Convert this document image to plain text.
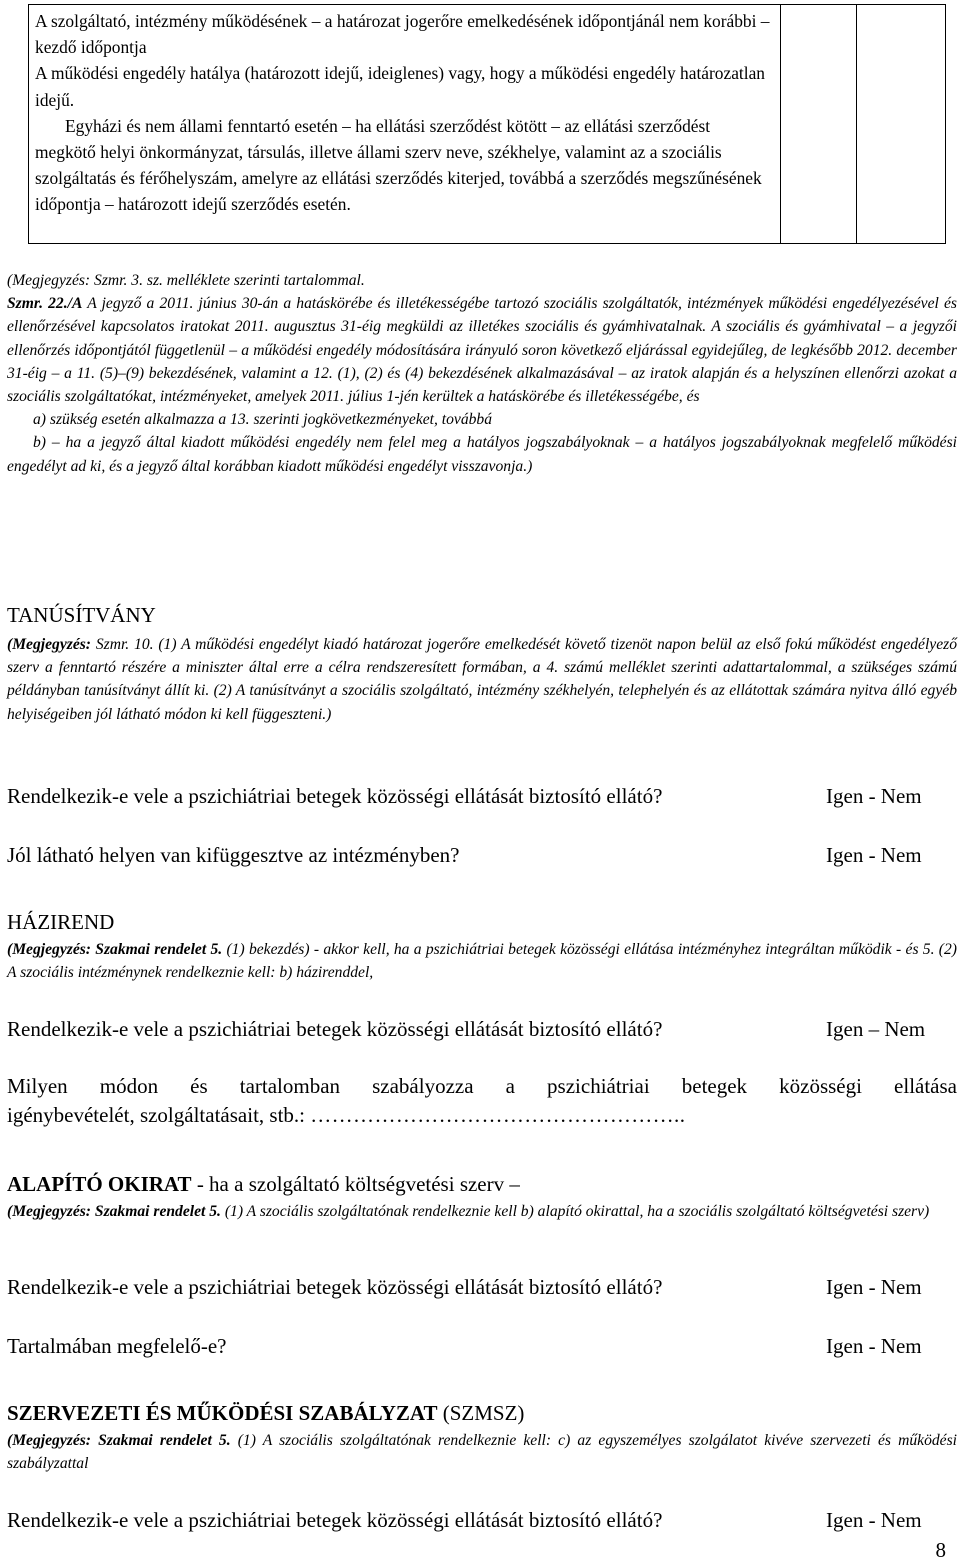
A szolgáltató, intézmény működésének – a határozat jogerőre emelkedésének időpontjánál nem korábbi – kezdő időpontja

A működési engedély hatálya (határozott idejű, ideiglenes) vagy, hogy a működési engedély határozatlan idejű.

Egyházi és nem állami fenntartó esetén – ha ellátási szerződést kötött – az ellátási szerződést megkötő helyi önkormányzat, társulás, illetve állami szerv neve, székhelye, valamint az a szociális szolgáltatás és férőhelyszám, amelyre az ellátási szerződés kiterjed, továbbá a szerződés megszűnésének időpontja – határozott idejű szerződés esetén.

(Megjegyzés: Szmr. 3. sz. melléklete szerinti tartalommal.

Szmr. 22./A A jegyző a 2011. június 30-án a hatáskörébe és illetékességébe tartozó szociális szolgáltatók, intézmények működési engedélyezésével és ellenőrzésével kapcsolatos iratokat 2011. augusztus 31-éig megküldi az illetékes szociális és gyámhivatalnak. A szociális és gyámhivatal – a jegyzői ellenőrzés időpontjától függetlenül – a működési engedély módosítására irányuló soron következő eljárással egyidejűleg, de legkésőbb 2012. december 31-éig – a 11. (5)–(9) bekezdésének, valamint a 12. (1), (2) és (4) bekezdésének alkalmazásával – az iratok alapján és a helyszínen ellenőrzi azokat a szociális szolgáltatókat, intézményeket, amelyek 2011. július 1-jén kerültek a hatáskörébe és illetékességébe, és

a) szükség esetén alkalmazza a 13. szerinti jogkövetkezményeket, továbbá

b) – ha a jegyző által kiadott működési engedély nem felel meg a hatályos jogszabályoknak – a hatályos jogszabályoknak megfelelő működési engedélyt ad ki, és a jegyző által korábban kiadott működési engedélyt visszavonja.)

TANÚSÍTVÁNY

(Megjegyzés: Szmr. 10. (1) A működési engedélyt kiadó határozat jogerőre emelkedését követő tizenöt napon belül az első fokú működést engedélyező szerv a fenntartó részére a miniszter által erre a célra rendszeresített formában, a 4. számú melléklet szerinti adattartalommal, a szükséges számú példányban tanúsítványt állít ki. (2) A tanúsítványt a szociális szolgáltató, intézmény székhelyén, telephelyén és az ellátottak számára nyitva álló egyéb helyiségeiben jól látható módon ki kell függeszteni.)

Rendelkezik-e vele a pszichiátriai betegek közösségi ellátását biztosító ellátó?	Igen - Nem
Jól látható helyen van kifüggesztve az intézményben?	Igen - Nem
HÁZIREND

(Megjegyzés: Szakmai rendelet 5. (1) bekezdés) - akkor kell, ha a pszichiátriai betegek közösségi ellátása intézményhez integráltan működik - és 5. (2) A szociális intézménynek rendelkeznie kell: b) házirenddel,

Rendelkezik-e vele a pszichiátriai betegek közösségi ellátását biztosító ellátó?	Igen – Nem

Milyen módon és tartalomban szabályozza a pszichiátriai betegek közösségi ellátása

igénybevételét, szolgáltatásait, stb.: ……………………………………………..

ALAPÍTÓ OKIRAT - ha a szolgáltató költségvetési szerv –

(Megjegyzés: Szakmai rendelet 5. (1) A szociális szolgáltatónak rendelkeznie kell b) alapító okirattal, ha a szociális szolgáltató költségvetési szerv)

Rendelkezik-e vele a pszichiátriai betegek közösségi ellátását biztosító ellátó?	Igen - Nem
Tartalmában megfelelő-e?	Igen - Nem
SZERVEZETI ÉS MŰKÖDÉSI SZABÁLYZAT (SZMSZ)

(Megjegyzés: Szakmai rendelet 5. (1) A szociális szolgáltatónak rendelkeznie kell: c) az egyszemélyes szolgálatot kivéve szervezeti és működési szabályzattal

Rendelkezik-e vele a pszichiátriai betegek közösségi ellátását biztosító ellátó?	Igen - Nem
8
